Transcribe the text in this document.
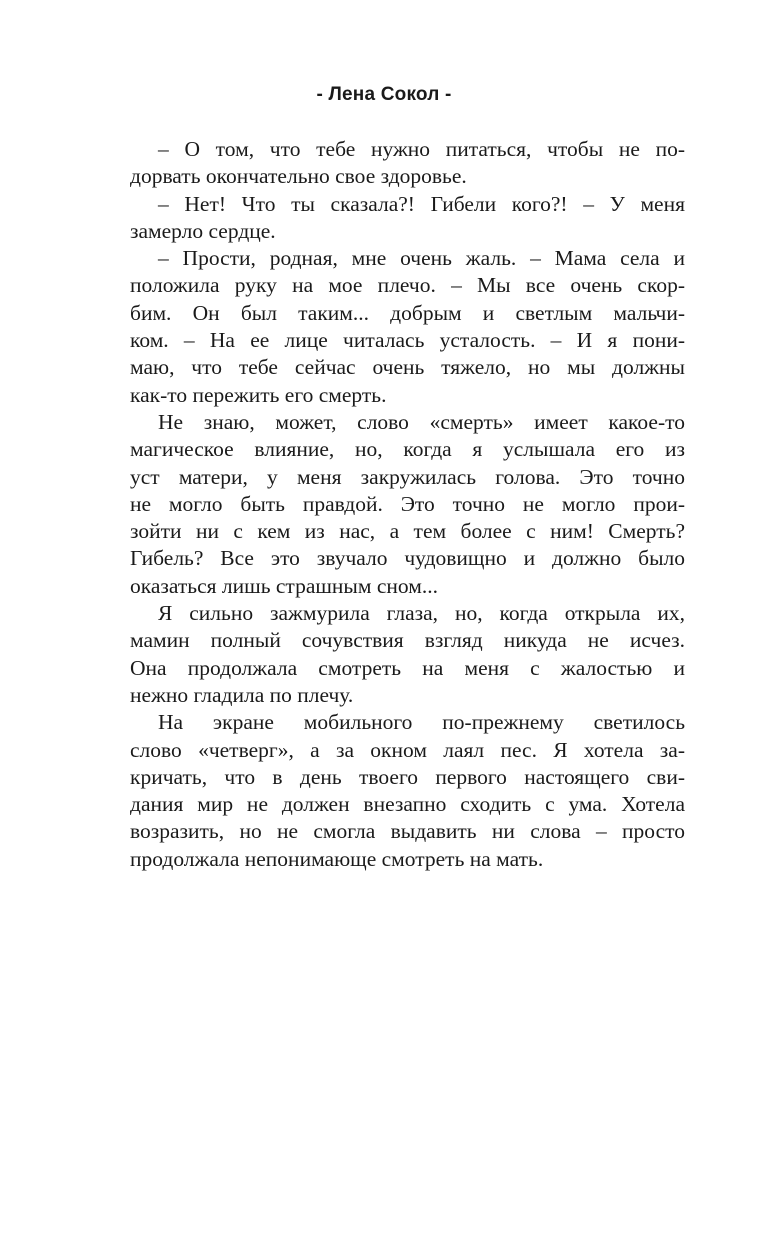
- Лена Сокол -
– О том, что тебе нужно питаться, чтобы не по-
дорвать окончательно свое здоровье.
– Нет! Что ты сказала?! Гибели кого?! – У меня
замерло сердце.
– Прости, родная, мне очень жаль. – Мама села и
положила руку на мое плечо. – Мы все очень скор-
бим. Он был таким... добрым и светлым мальчи-
ком. – На ее лице читалась усталость. – И я пони-
маю, что тебе сейчас очень тяжело, но мы должны
как-то пережить его смерть.
Не знаю, может, слово «смерть» имеет какое-то
магическое влияние, но, когда я услышала его из
уст матери, у меня закружилась голова. Это точно
не могло быть правдой. Это точно не могло прои-
зойти ни с кем из нас, а тем более с ним! Смерть?
Гибель? Все это звучало чудовищно и должно было
оказаться лишь страшным сном...
Я сильно зажмурила глаза, но, когда открыла их,
мамин полный сочувствия взгляд никуда не исчез.
Она продолжала смотреть на меня с жалостью и
нежно гладила по плечу.
На экране мобильного по-прежнему светилось
слово «четверг», а за окном лаял пес. Я хотела за-
кричать, что в день твоего первого настоящего сви-
дания мир не должен внезапно сходить с ума. Хотела
возразить, но не смогла выдавить ни слова – просто
продолжала непонимающе смотреть на мать.
